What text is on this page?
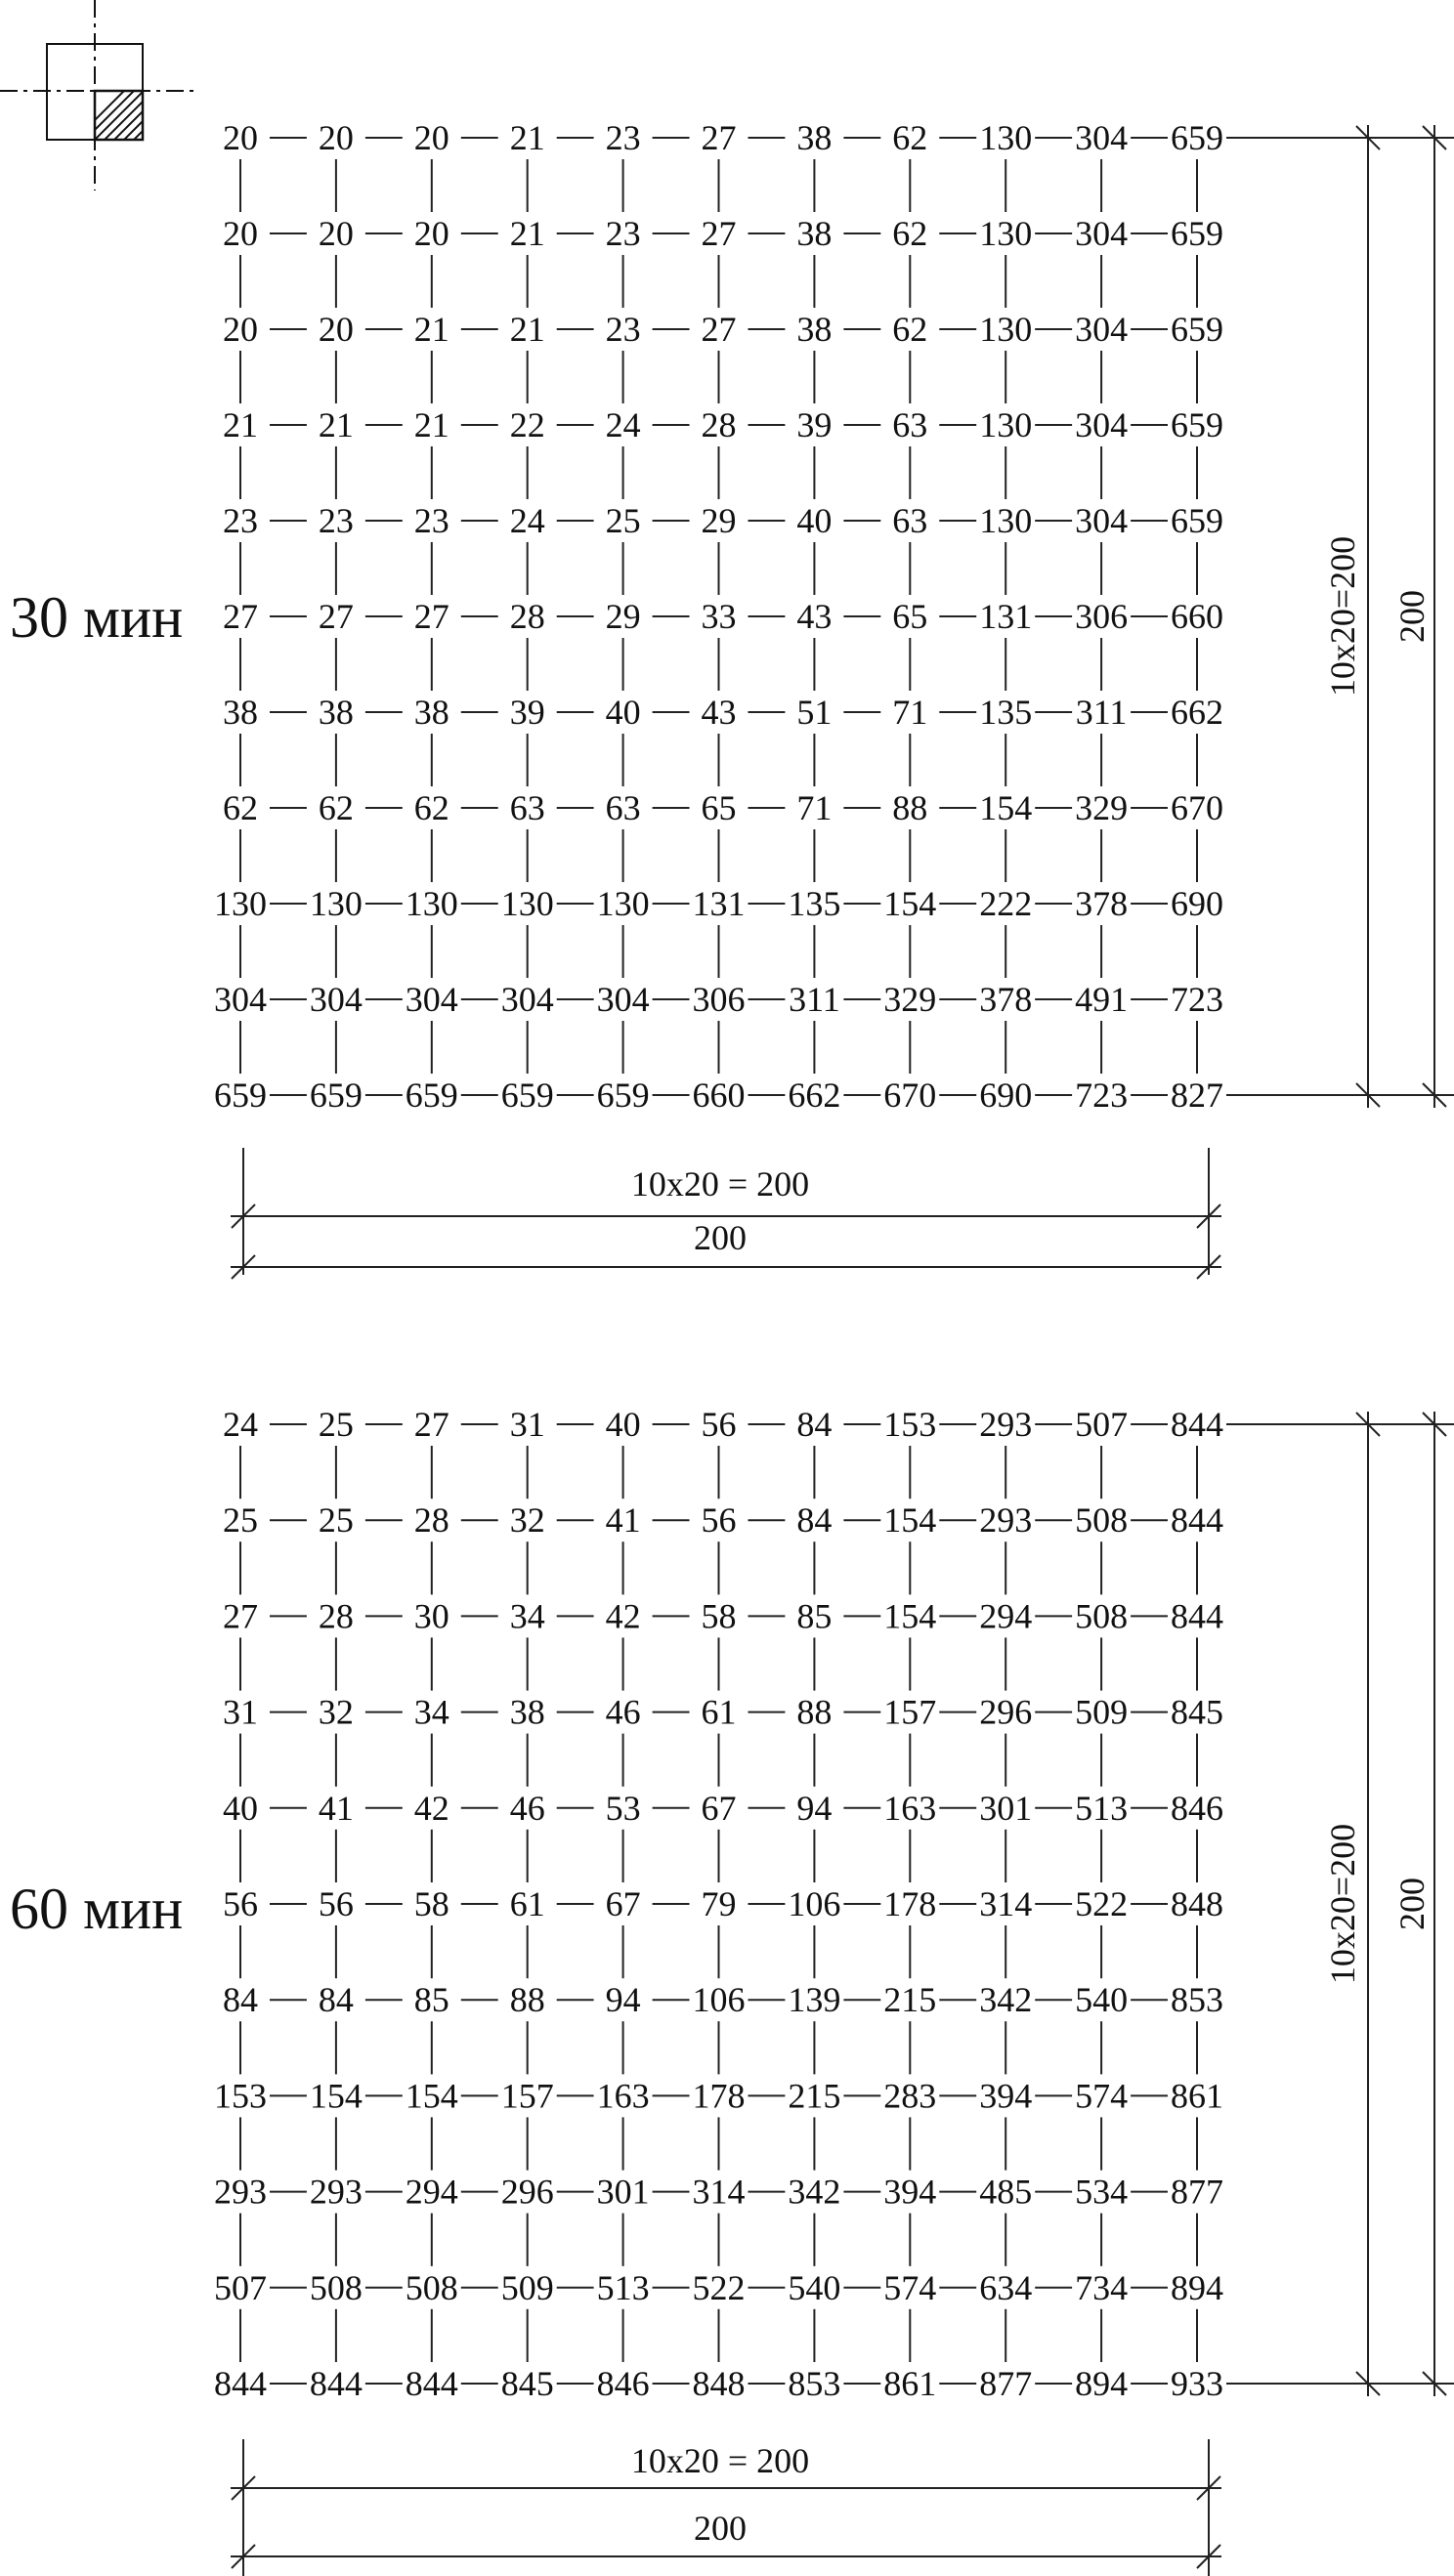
20 20 20 21 23 27 38 62 130 304 659
20 20 20 21 23 27 38 62 130 304 659
20 20 21 21 23 27 38 62 130 304 659
21 21 21 22 24 28 39 63 130 304 659
23 23 23 24 25 29 40 63 130 304 659
27 27 27 28 29 33 43 65 131 306 660
38 38 38 39 40 43 51 71 135 311 662
62 62 62 63 63 65 71 88 154 329 670
130 130 130 130 130 131 135 154 222 378 690
304 304 304 304 304 306 311 329 378 491 723
659 659 659 659 659 660 662 670 690 723 827
30 мин
10x20 = 200
200
10x20=200 200
24 25 27 31 40 56 84 153 293 507 844
25 25 28 32 41 56 84 154 293 508 844
27 28 30 34 42 58 85 154 294 508 844
31 32 34 38 46 61 88 157 296 509 845
40 41 42 46 53 67 94 163 301 513 846
56 56 58 61 67 79 106 178 314 522 848
84 84 85 88 94 106 139 215 342 540 853
153 154 154 157 163 178 215 283 394 574 861
293 293 294 296 301 314 342 394 485 534 877
507 508 508 509 513 522 540 574 634 734 894
844 844 844 845 846 848 853 861 877 894 933
60 мин
10x20 = 200
200
10x20=200 200
